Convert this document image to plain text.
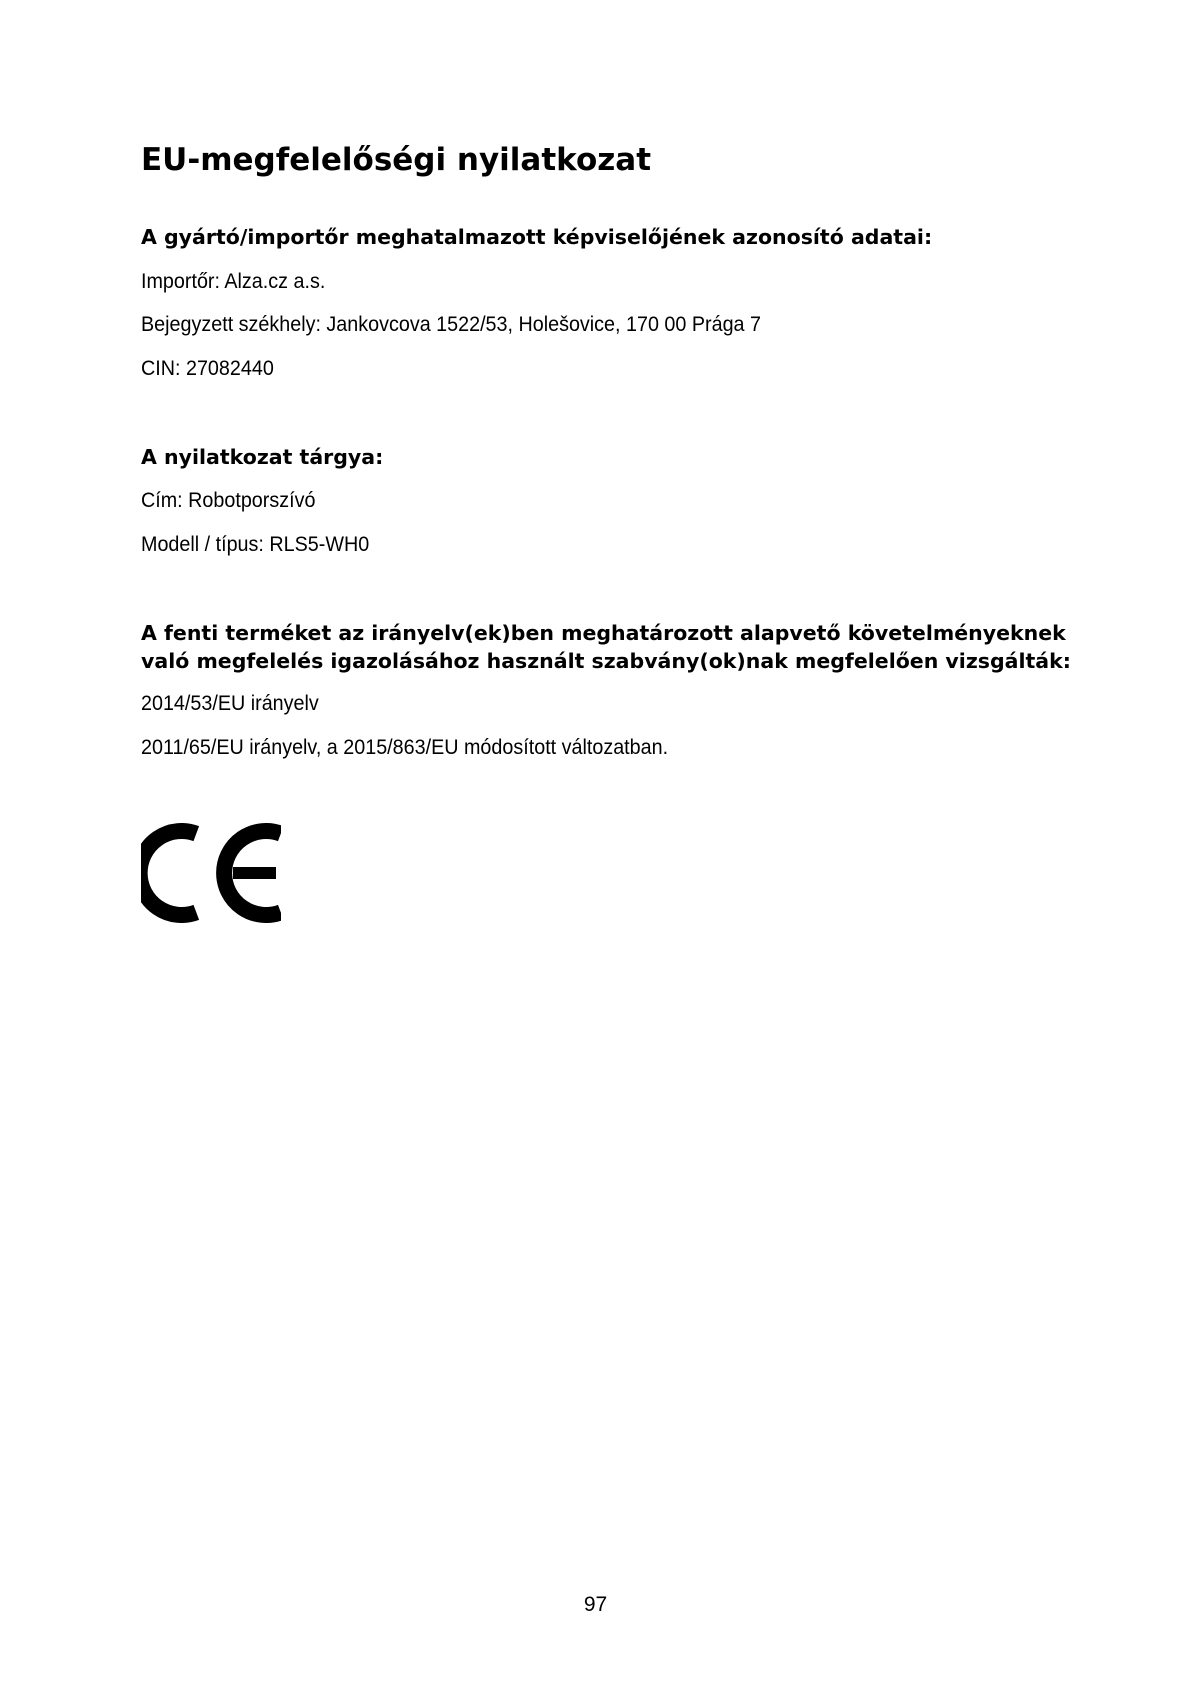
EU-megfelelőségi nyilatkozat
A gyártó/importőr meghatalmazott képviselőjének azonosító adatai:

Importőr: Alza.cz a.s.

Bejegyzett székhely: Jankovcova 1522/53, Holešovice, 170 00 Prága 7

CIN: 27082440

A nyilatkozat tárgya:

Cím: Robotporszívó

Modell / típus: RLS5-WH0

A fenti terméket az irányelv(ek)ben meghatározott alapvető követelményeknek
való megfelelés igazolásához használt szabvány(ok)nak megfelelően vizsgálták:

2014/53/EU irányelv

2011/65/EU irányelv, a 2015/863/EU módosított változatban.

97
